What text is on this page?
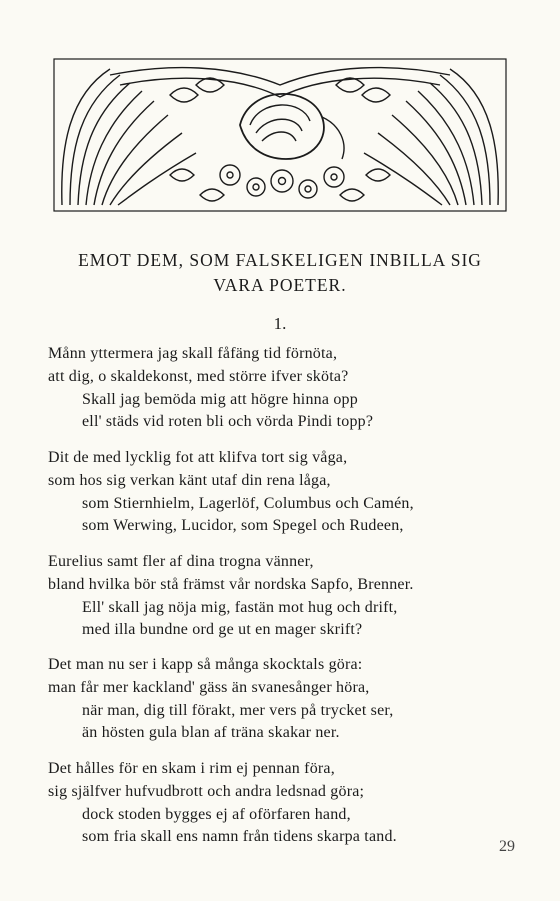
EMOT DEM, SOM FALSKELIGEN INBILLA SIG
VARA POETER.
1.
Månn yttermera jag skall fåfäng tid förnöta,
att dig, o skaldekonst, med större ifver sköta?
Skall jag bemöda mig att högre hinna opp
ell' städs vid roten bli och vörda Pindi topp?
Dit de med lycklig fot att klifva tort sig våga,
som hos sig verkan känt utaf din rena låga,
som Stiernhielm, Lagerlöf, Columbus och Camén,
som Werwing, Lucidor, som Spegel och Rudeen,
Eurelius samt fler af dina trogna vänner,
bland hvilka bör stå främst vår nordska Sapfo, Brenner.
Ell' skall jag nöja mig, fastän mot hug och drift,
med illa bundne ord ge ut en mager skrift?
Det man nu ser i kapp så många skocktals göra:
man får mer kackland' gäss än svanesånger höra,
när man, dig till förakt, mer vers på trycket ser,
än hösten gula blan af träna skakar ner.
Det hålles för en skam i rim ej pennan föra,
sig själfver hufvudbrott och andra ledsnad göra;
dock stoden bygges ej af oförfaren hand,
som fria skall ens namn från tidens skarpa tand.
29
